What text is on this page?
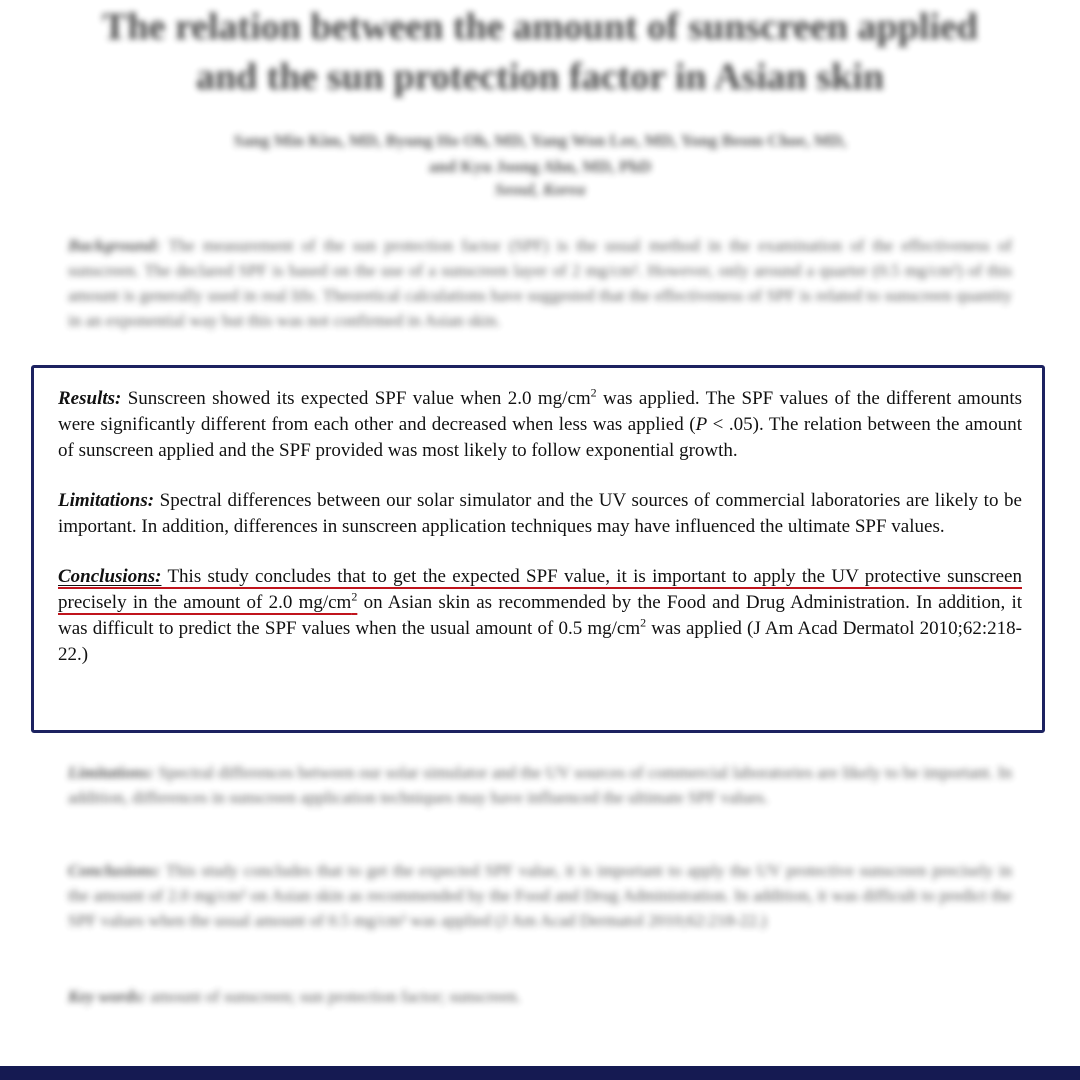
The relation between the amount of sunscreen applied
and the sun protection factor in Asian skin

Sang Min Kim, MD, Byung Ho Oh, MD, Yang Won Lee, MD, Yong Beom Choe, MD,
and Kyu Joong Ahn, MD, PhD

Seoul, Korea

Background: The measurement of the sun protection factor (SPF) is the usual method in the examination of the effectiveness of sunscreen. The declared SPF is based on the use of a sunscreen layer of 2 mg/cm². However, only around a quarter (0.5 mg/cm²) of this amount is generally used in real life. Theoretical calculations have suggested that the effectiveness of SPF is related to sunscreen quantity in an exponential way but this was not confirmed in Asian skin.

Limitations: Spectral differences between our solar simulator and the UV sources of commercial laboratories are likely to be important. In addition, differences in sunscreen application techniques may have influenced the ultimate SPF values.

Conclusions: This study concludes that to get the expected SPF value, it is important to apply the UV protective sunscreen precisely in the amount of 2.0 mg/cm² on Asian skin as recommended by the Food and Drug Administration. In addition, it was difficult to predict the SPF values when the usual amount of 0.5 mg/cm² was applied (J Am Acad Dermatol 2010;62:218-22.)

Key words: amount of sunscreen; sun protection factor; sunscreen.

Results: Sunscreen showed its expected SPF value when 2.0 $mg/cm^2$ was applied. The SPF values of the different amounts were significantly different from each other and decreased when less was applied (P < .05). The relation between the amount of sunscreen applied and the SPF provided was most likely to follow exponential growth.

Limitations: Spectral differences between our solar simulator and the UV sources of commercial laboratories are likely to be important. In addition, differences in sunscreen application techniques may have influenced the ultimate SPF values.

Conclusions: This study concludes that to get the expected SPF value, it is important to apply the UV protective sunscreen precisely in the amount of 2.0 $mg/cm^2$ on Asian skin as recommended by the Food and Drug Administration. In addition, it was difficult to predict the SPF values when the usual amount of 0.5 $mg/cm^2$ was applied (J Am Acad Dermatol 2010;62:218-22.)
